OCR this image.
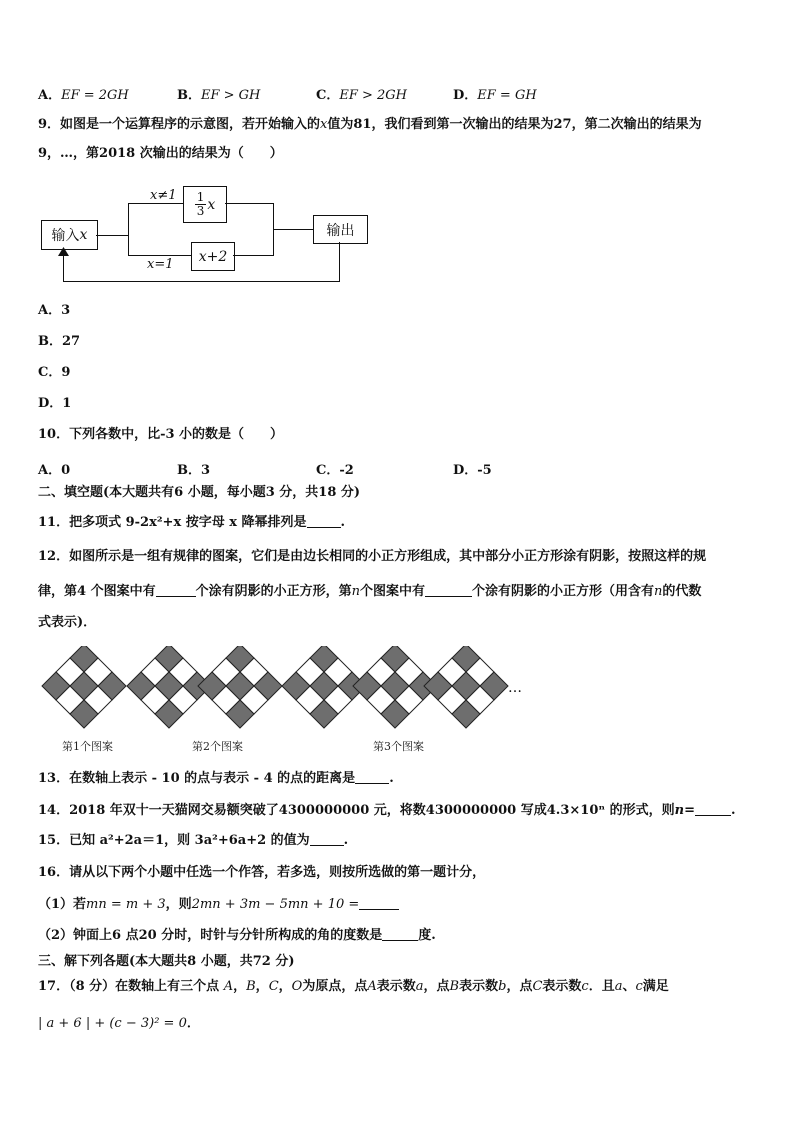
A．EF = 2GH	B．EF > GH	C．EF > 2GH	D．EF = GH
9．如图是一个运算程序的示意图，若开始输入的x值为81，我们看到第一次输出的结果为27，第二次输出的结果为
9，…，第2018 次输出的结果为（　　）
输入 x	输出
1
3 x
x+2
x≠1
x=1
A．3
B．27
C．9
D．1
10．下列各数中，比-3 小的数是（　　）
A．0	B．3	C．-2	D．-5
二、填空题(本大题共有6 小题，每小题3 分，共18 分)
11．把多项式 9-2x²+x 按字母 x 降幂排列是	.
12．如图所示是一组有规律的图案，它们是由边长相同的小正方形组成，其中部分小正方形涂有阴影，按照这样的规
律，第4 个图案中有	个涂有阴影的小正方形，第n个图案中有	个涂有阴影的小正方形（用含有n的代数
式表示)．
…
第1个图案	第2个图案	第3个图案
13．在数轴上表示 - 10 的点与表示 - 4 的点的距离是	.
14．2018 年双十一天猫网交易额突破了4300000000 元，将数4300000000 写成4.3×10ⁿ 的形式，则n=	.
15．已知 a²+2a＝1，则 3a²+6a+2 的值为	.
16．请从以下两个小题中任选一个作答，若多选，则按所选做的第一题计分，
（1）若mn = m + 3，则2mn + 3m − 5mn + 10 =
（2）钟面上6 点20 分时，时针与分针所构成的角的度数是	度.
三、解下列各题(本大题共8 小题，共72 分)
17．（8 分）在数轴上有三个点 A，B，C，O为原点，点A表示数a，点B表示数b，点C表示数c．且a、c满足
| a + 6 | + (c − 3)² = 0．
